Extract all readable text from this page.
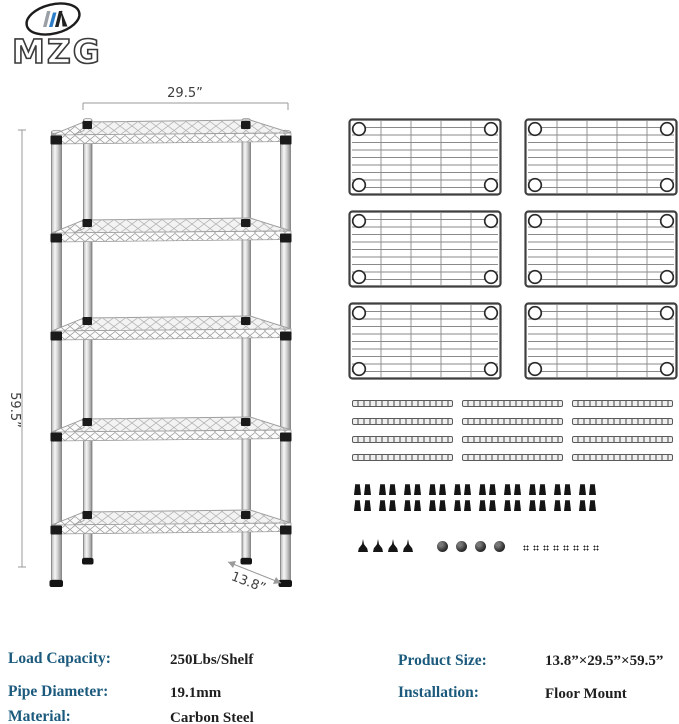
MZG
29.5”
59.5”
13.8”
Load Capacity:	250Lbs/Shelf
Pipe Diameter:	19.1mm
Material:	Carbon Steel
Product Size:	13.8”×29.5”×59.5”
Installation:	Floor Mount
